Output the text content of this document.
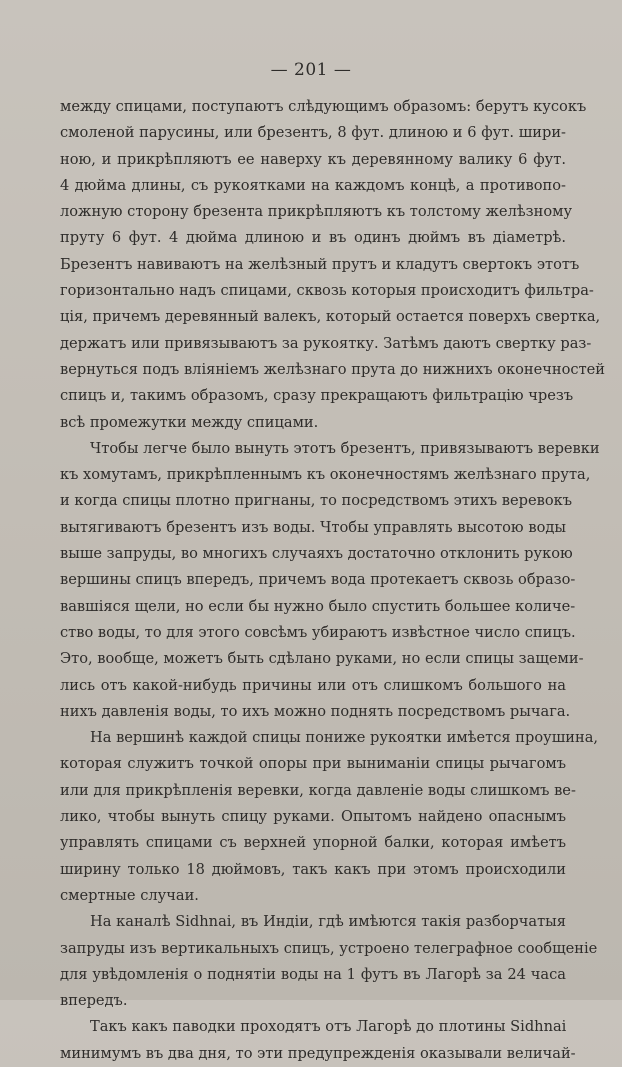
— 201 —
между спицами, поступаютъ слѣдующимъ образомъ: берутъ кусокъ
смоленой парусины, или брезентъ, 8 фут. длиною и 6 фут. шири-
ною, и прикрѣпляютъ ее наверху къ деревянному валику 6 фут.
4 дюйма длины, съ рукоятками на каждомъ концѣ, а противопо-
ложную сторону брезента прикрѣпляютъ къ толстому желѣзному
пруту 6 фут. 4 дюйма длиною и въ одинъ дюймъ въ діаметрѣ.
Брезентъ навиваютъ на желѣзный прутъ и кладутъ свертокъ этотъ
горизонтально надъ спицами, сквозь которыя происходитъ фильтра-
ція, причемъ деревянный валекъ, который остается поверхъ свертка,
держатъ или привязываютъ за рукоятку. Затѣмъ даютъ свертку раз-
вернуться подъ вліяніемъ желѣзнаго прута до нижнихъ оконечностей
спицъ и, такимъ образомъ, сразу прекращаютъ фильтрацію чрезъ
всѣ промежутки между спицами.
Чтобы легче было вынуть этотъ брезентъ, привязываютъ веревки
къ хомутамъ, прикрѣпленнымъ къ оконечностямъ желѣзнаго прута,
и когда спицы плотно пригнаны, то посредствомъ этихъ веревокъ
вытягиваютъ брезентъ изъ воды. Чтобы управлять высотою воды
выше запруды, во многихъ случаяхъ достаточно отклонить рукою
вершины спицъ впередъ, причемъ вода протекаетъ сквозь образо-
вавшіяся щели, но если бы нужно было спустить большее количе-
ство воды, то для этого совсѣмъ убираютъ извѣстное число спицъ.
Это, вообще, можетъ быть сдѣлано руками, но если спицы защеми-
лись отъ какой-нибудь причины или отъ слишкомъ большого на
нихъ давленія воды, то ихъ можно поднять посредствомъ рычага.
На вершинѣ каждой спицы пониже рукоятки имѣется проушина,
которая служитъ точкой опоры при выниманіи спицы рычагомъ
или для прикрѣпленія веревки, когда давленіе воды слишкомъ ве-
лико, чтобы вынуть спицу руками. Опытомъ найдено опаснымъ
управлять спицами съ верхней упорной балки, которая имѣетъ
ширину только 18 дюймовъ, такъ какъ при этомъ происходили
смертные случаи.
На каналѣ Sidhnai, въ Индіи, гдѣ имѣются такія разборчатыя
запруды изъ вертикальныхъ спицъ, устроено телеграфное сообщеніе
для увѣдомленія о поднятіи воды на 1 футъ въ Лагорѣ за 24 часа
впередъ.
Такъ какъ паводки проходятъ отъ Лагорѣ до плотины Sidhnai
минимумъ въ два дня, то эти предупрежденія оказывали величай-
